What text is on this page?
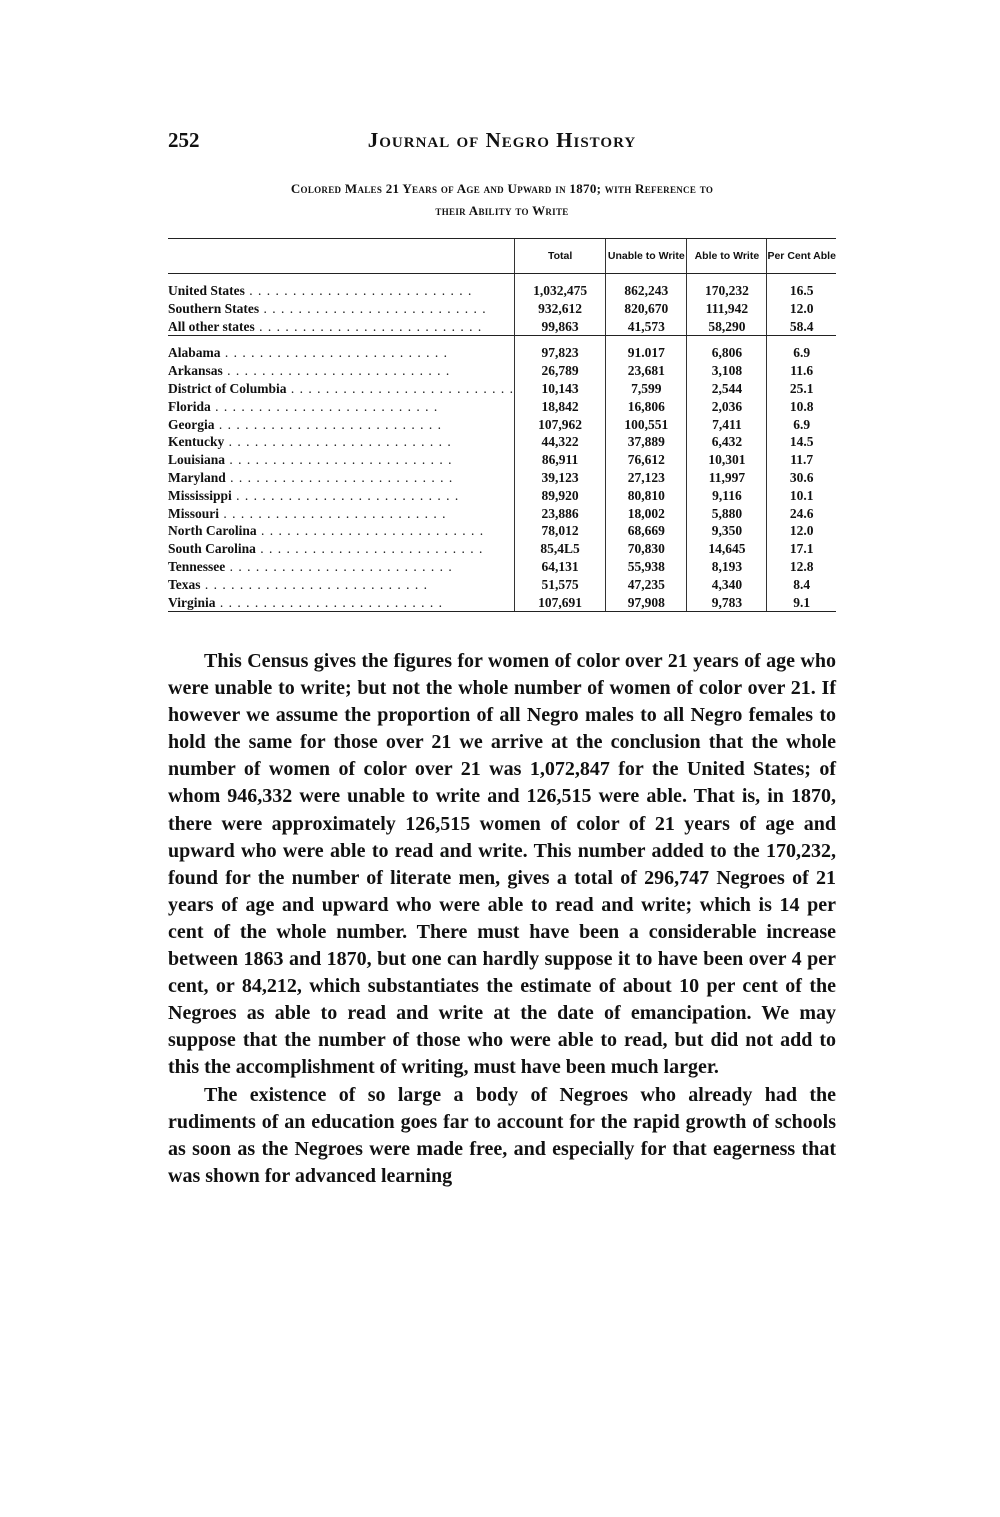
252	Journal of Negro History
Colored Males 21 Years of Age and Upward in 1870; with Reference to
their Ability to Write
	Total	Unable to Write	Able to Write	Per Cent Able
United States . . .	1,032,475	862,243	170,232	16.5
Southern States . . .	932,612	820,670	111,942	12.0
All other states . . .	99,863	41,573	58,290	58.4
Alabama . . .	97,823	91.017	6,806	6.9
Arkansas . . .	26,789	23,681	3,108	11.6
District of Columbia . . .	10,143	7,599	2,544	25.1
Florida . . .	18,842	16,806	2,036	10.8
Georgia . . .	107,962	100,551	7,411	6.9
Kentucky . . .	44,322	37,889	6,432	14.5
Louisiana . . .	86,911	76,612	10,301	11.7
Maryland . . .	39,123	27,123	11,997	30.6
Mississippi . . .	89,920	80,810	9,116	10.1
Missouri . . .	23,886	18,002	5,880	24.6
North Carolina . . .	78,012	68,669	9,350	12.0
South Carolina . . .	85,4L5	70,830	14,645	17.1
Tennessee . . .	64,131	55,938	8,193	12.8
Texas . . .	51,575	47,235	4,340	8.4
Virginia . . .	107,691	97,908	9,783	9.1

This Census gives the figures for women of color over 21 years of age who were unable to write; but not the whole number of women of color over 21. If however we assume the proportion of all Negro males to all Negro females to hold the same for those over 21 we arrive at the conclusion that the whole number of women of color over 21 was 1,072,847 for the United States; of whom 946,332 were unable to write and 126,515 were able. That is, in 1870, there were approximately 126,515 women of color of 21 years of age and upward who were able to read and write. This number added to the 170,232, found for the number of literate men, gives a total of 296,747 Negroes of 21 years of age and upward who were able to read and write; which is 14 per cent of the whole number. There must have been a considerable increase between 1863 and 1870, but one can hardly suppose it to have been over 4 per cent, or 84,212, which substantiates the estimate of about 10 per cent of the Negroes as able to read and write at the date of emancipation. We may suppose that the number of those who were able to read, but did not add to this the accomplishment of writing, must have been much larger.

The existence of so large a body of Negroes who already had the rudiments of an education goes far to account for the rapid growth of schools as soon as the Negroes were made free, and especially for that eagerness that was shown for advanced learning
